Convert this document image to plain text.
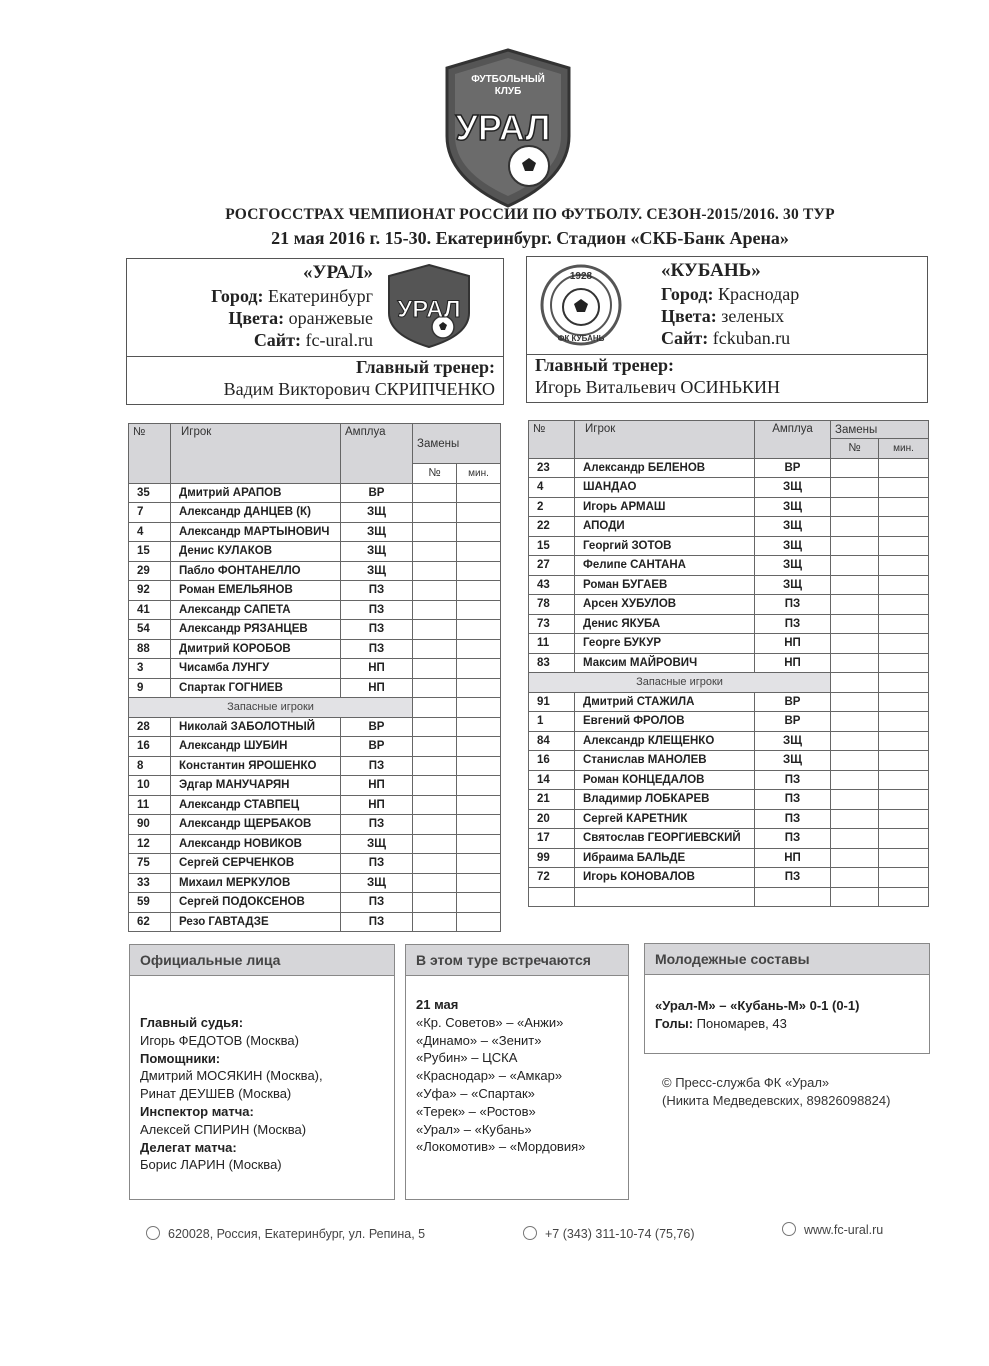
ФУТБОЛЬНЫЙ
КЛУБ
УРАЛ
РОСГОССТРАХ ЧЕМПИОНАТ РОССИИ ПО ФУТБОЛУ. СЕЗОН-2015/2016. 30 ТУР
21 мая 2016 г. 15-30. Екатеринбург. Стадион «СКБ-Банк Арена»
«УРАЛ»
Город: Екатеринбург
Цвета: оранжевые
Сайт: fc-ural.ru
УРАЛ
Главный тренер:
Вадим Викторович СКРИПЧЕНКО
1928
ФК КУБАНЬ
«КУБАНЬ»
Город: Краснодар
Цвета: зеленых
Сайт: fckuban.ru
Главный тренер:
Игорь Витальевич ОСИНЬКИН
№	Игрок	Амплуа	Замены	
			№	мин.
35	Дмитрий АРАПОВ	ВР		
7	Александр ДАНЦЕВ (К)	ЗЩ		
4	Александр МАРТЫНОВИЧ	ЗЩ		
15	Денис КУЛАКОВ	ЗЩ		
29	Пабло ФОНТАНЕЛЛО	ЗЩ		
92	Роман ЕМЕЛЬЯНОВ	ПЗ		
41	Александр САПЕТА	ПЗ		
54	Александр РЯЗАНЦЕВ	ПЗ		
88	Дмитрий КОРОБОВ	ПЗ		
3	Чисамба ЛУНГУ	НП		
9	Спартак ГОГНИЕВ	НП		
Запасные игроки				
28	Николай ЗАБОЛОТНЫЙ	ВР		
16	Александр ШУБИН	ВР		
8	Константин ЯРОШЕНКО	ПЗ		
10	Эдгар МАНУЧАРЯН	НП		
11	Александр СТАВПЕЦ	НП		
90	Александр ЩЕРБАКОВ	ПЗ		
12	Александр НОВИКОВ	ЗЩ		
75	Сергей СЕРЧЕНКОВ	ПЗ		
33	Михаил МЕРКУЛОВ	ЗЩ		
59	Сергей ПОДОКСЕНОВ	ПЗ		
62	Резо ГАВТАДЗЕ	ПЗ		
№	Игрок	Амплуа	Замены	
			№	мин.
23	Александр БЕЛЕНОВ	ВР		
4	ШАНДАО	ЗЩ		
2	Игорь АРМАШ	ЗЩ		
22	АПОДИ	ЗЩ		
15	Георгий ЗОТОВ	ЗЩ		
27	Фелипе САНТАНА	ЗЩ		
43	Роман БУГАЕВ	ЗЩ		
78	Арсен ХУБУЛОВ	ПЗ		
73	Денис ЯКУБА	ПЗ		
11	Георге БУКУР	НП		
83	Максим МАЙРОВИЧ	НП		
Запасные игроки				
91	Дмитрий СТАЖИЛА	ВР		
1	Евгений ФРОЛОВ	ВР		
84	Александр КЛЕЩЕНКО	ЗЩ		
16	Станислав МАНОЛЕВ	ЗЩ		
14	Роман КОНЦЕДАЛОВ	ПЗ		
21	Владимир ЛОБКАРЕВ	ПЗ		
20	Сергей КАРЕТНИК	ПЗ		
17	Святослав ГЕОРГИЕВСКИЙ	ПЗ		
99	Ибраима БАЛЬДЕ	НП		
72	Игорь КОНОВАЛОВ	ПЗ		

Официальные лица
Главный судья:
Игорь ФЕДОТОВ (Москва)
Помощники:
Дмитрий МОСЯКИН (Москва),
Ринат ДЕУШЕВ (Москва)
Инспектор матча:
Алексей СПИРИН (Москва)
Делегат матча:
Борис ЛАРИН (Москва)
В этом туре встречаются
21 мая
«Кр. Советов» – «Анжи»
«Динамо» – «Зенит»
«Рубин» – ЦСКА
«Краснодар» – «Амкар»
«Уфа» – «Спартак»
«Терек» – «Ростов»
«Урал» – «Кубань»
«Локомотив» – «Мордовия»
Молодежные составы
«Урал-М» – «Кубань-М» 0-1 (0-1)
Голы: Пономарев, 43
© Пресс-служба ФК «Урал»
(Никита Медведевских, 89826098824)
620028, Россия, Екатеринбург, ул. Репина, 5	+7 (343) 311-10-74 (75,76)	www.fc-ural.ru
